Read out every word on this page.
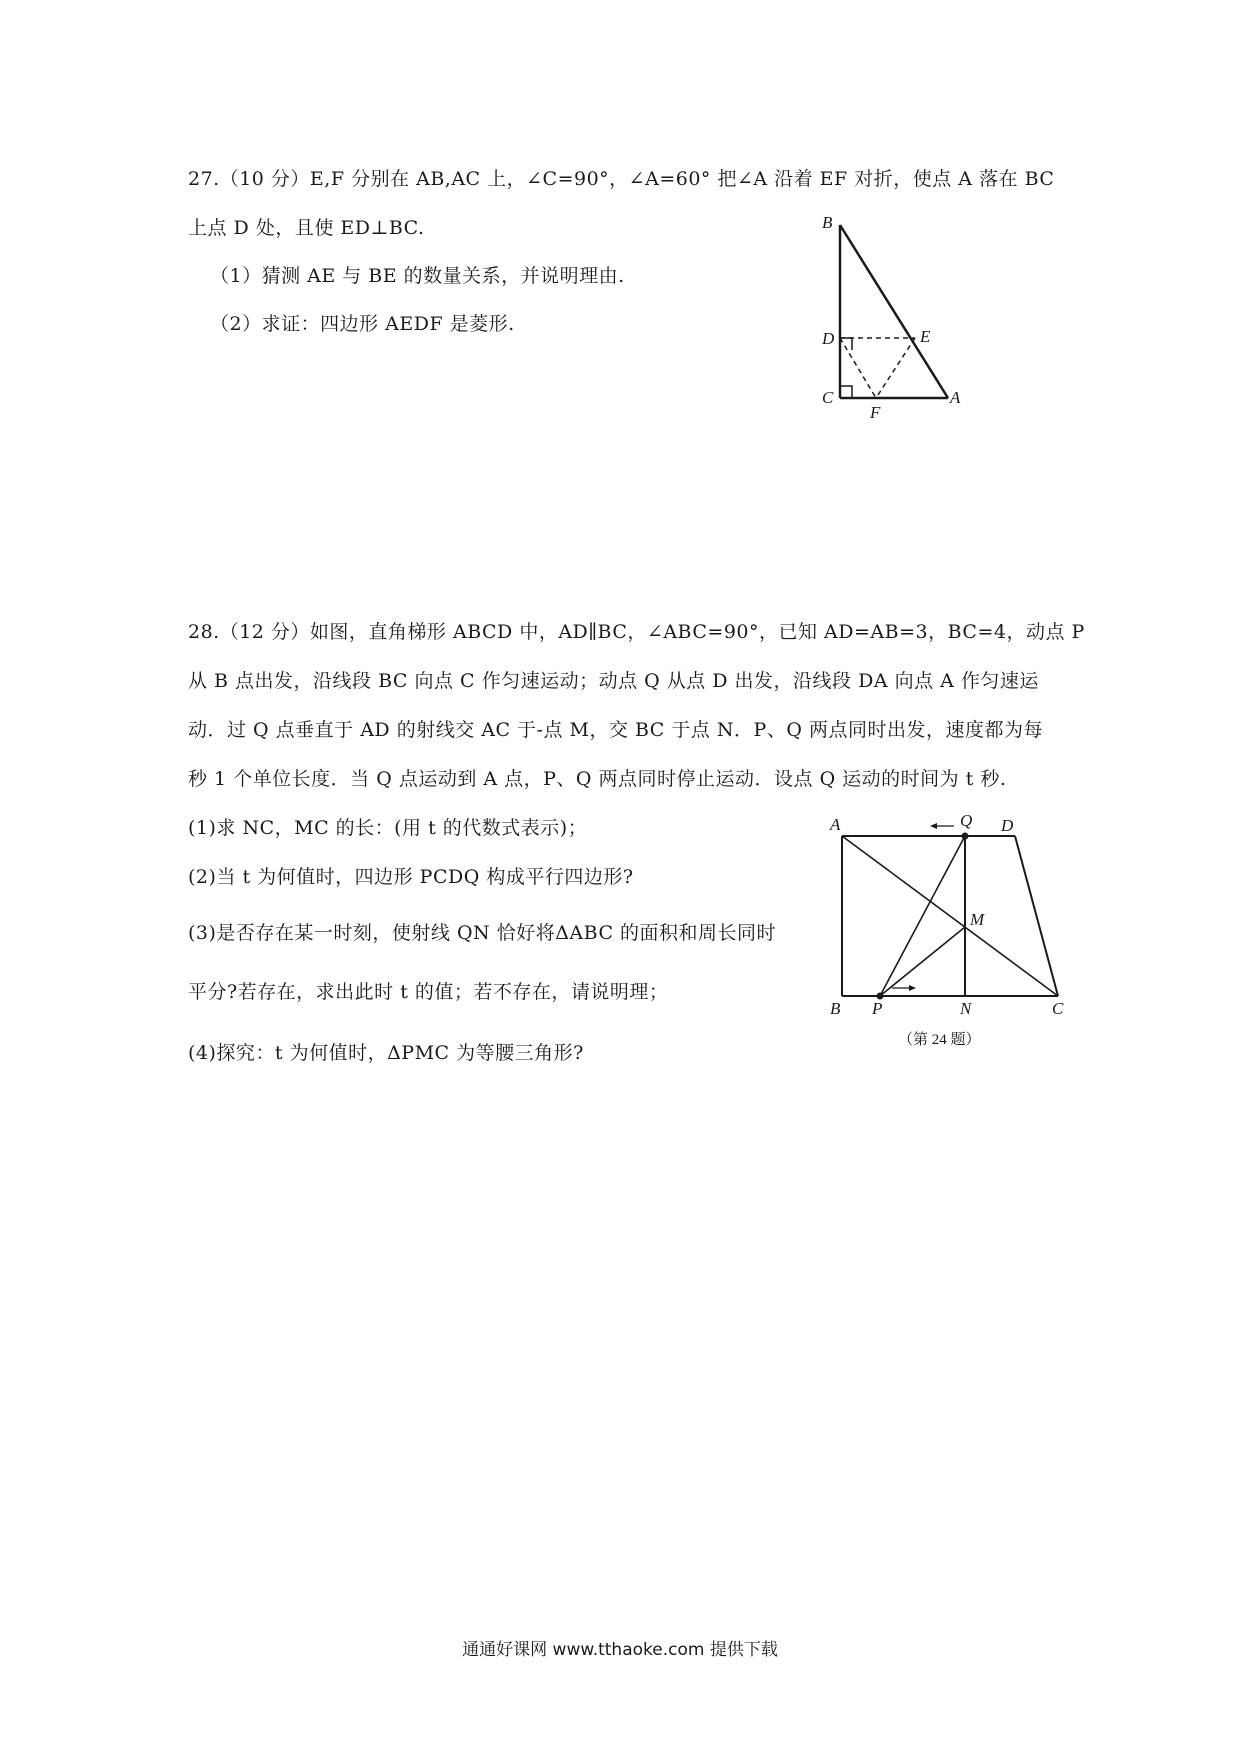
27.（10 分）E,F 分别在 AB,AC 上，∠C=90°，∠A=60° 把∠A 沿着 EF 对折，使点 A 落在 BC
上点 D 处，且使 ED⊥BC.
（1）猜测 AE 与 BE 的数量关系，并说明理由.
（2）求证：四边形 AEDF 是菱形.
B
D	E
C
F
A
28.（12 分）如图，直角梯形 ABCD 中，AD∥BC，∠ABC=90°，已知 AD=AB=3，BC=4，动点 P
从 B 点出发，沿线段 BC 向点 C 作匀速运动；动点 Q 从点 D 出发，沿线段 DA 向点 A 作匀速运
动．过 Q 点垂直于 AD 的射线交 AC 于-点 M，交 BC 于点 N．P、Q 两点同时出发，速度都为每
秒 1 个单位长度．当 Q 点运动到 A 点，P、Q 两点同时停止运动．设点 Q 运动的时间为 t 秒.
(1)求 NC，MC 的长：(用 t 的代数式表示)；
(2)当 t 为何值时，四边形 PCDQ 构成平行四边形?
(3)是否存在某一时刻，使射线 QN 恰好将ΔABC 的面积和周长同时
平分?若存在，求出此时 t 的值；若不存在，请说明理；
(4)探究：t 为何值时，ΔPMC 为等腰三角形?
A	Q D
M
B P	N	C
（第 24 题）
通通好课网 www.tthaoke.com 提供下载
